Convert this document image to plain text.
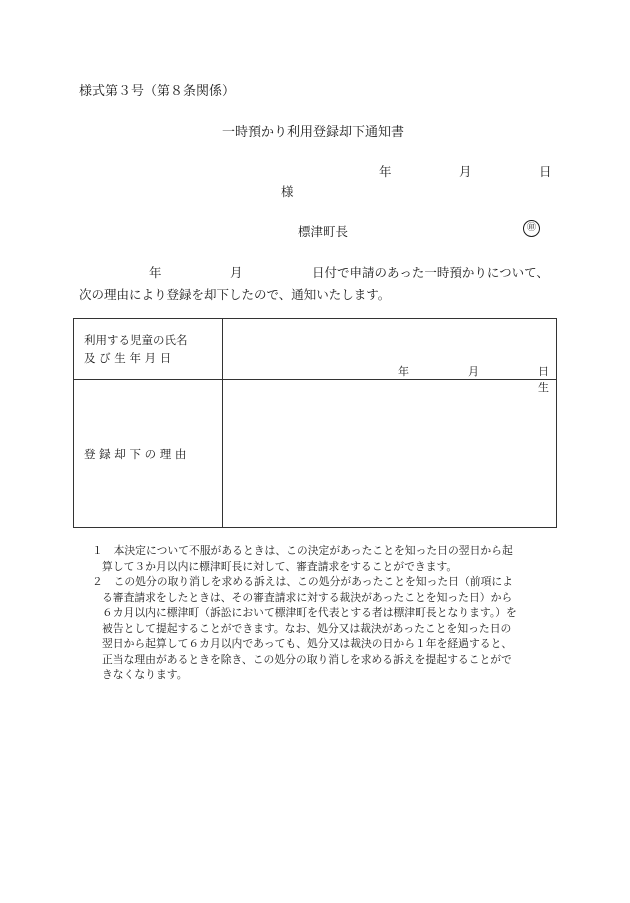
様式第３号（第８条関係）
一時預かり利用登録却下通知書
年	月	日
様
標津町長	㊞
年	月	日付で申請のあった一時預かりについて、
次の理由により登録を却下したので、通知いたします。
利用する児童の氏名
及 び 生 年 月 日	年 月 日生

登 録 却 下 の 理 由	
１　本決定について不服があるときは、この決定があったことを知った日の翌日から起
算して３か月以内に標津町長に対して、審査請求をすることができます。
２　この処分の取り消しを求める訴えは、この処分があったことを知った日（前項によ
る審査請求をしたときは、その審査請求に対する裁決があったことを知った日）から
６カ月以内に標津町（訴訟において標津町を代表とする者は標津町長となります。）を
被告として提起することができます。なお、処分又は裁決があったことを知った日の
翌日から起算して６カ月以内であっても、処分又は裁決の日から１年を経過すると、
正当な理由があるときを除き、この処分の取り消しを求める訴えを提起することがで
きなくなります。
